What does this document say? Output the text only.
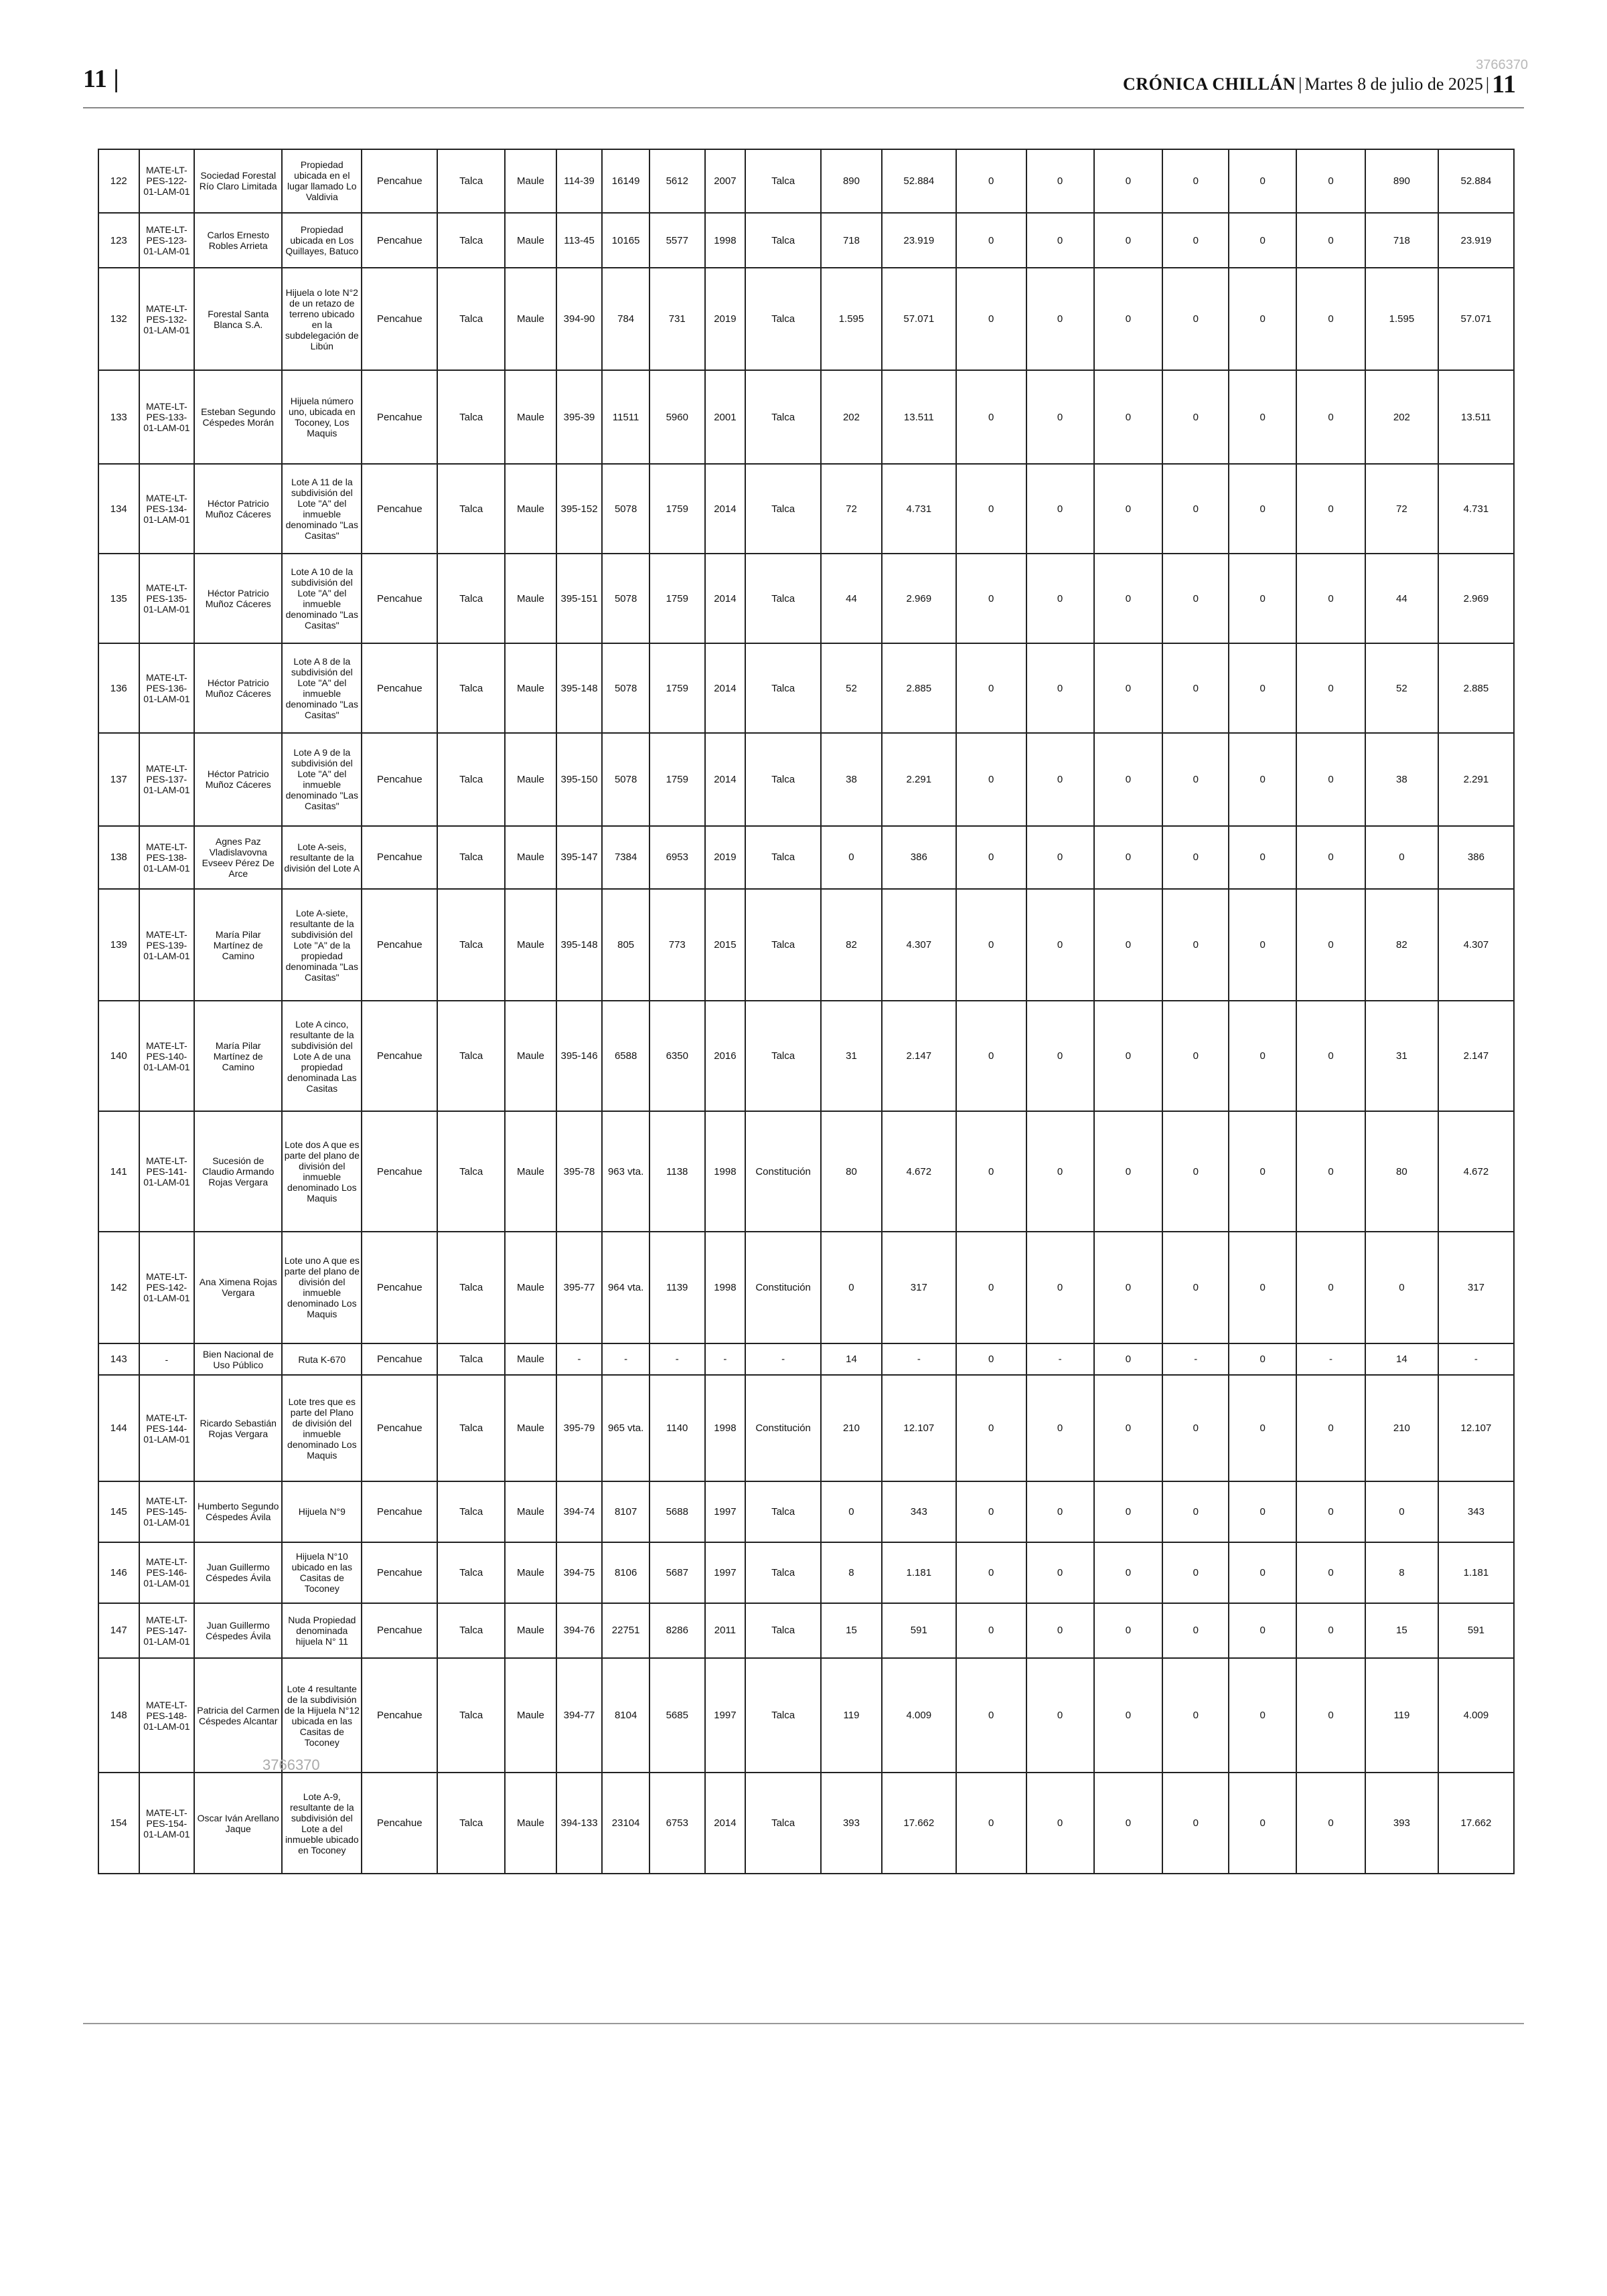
11 |	3766370
CRÓNICA CHILLÁN | Martes 8 de julio de 2025 | 11
122	MATE-LT-PES-122-01-LAM-01	Sociedad Forestal Río Claro Limitada	Propiedad ubicada en el lugar llamado Lo Valdivia	Pencahue	Talca	Maule	114-39	16149	5612	2007	Talca	890	52.884	0	0	0	0	0	0	890	52.884
123	MATE-LT-PES-123-01-LAM-01	Carlos Ernesto Robles Arrieta	Propiedad ubicada en Los Quillayes, Batuco	Pencahue	Talca	Maule	113-45	10165	5577	1998	Talca	718	23.919	0	0	0	0	0	0	718	23.919
132	MATE-LT-PES-132-01-LAM-01	Forestal Santa Blanca S.A.	Hijuela o lote N°2 de un retazo de terreno ubicado en la subdelegación de Libún	Pencahue	Talca	Maule	394-90	784	731	2019	Talca	1.595	57.071	0	0	0	0	0	0	1.595	57.071
133	MATE-LT-PES-133-01-LAM-01	Esteban Segundo Céspedes Morán	Hijuela número uno, ubicada en Toconey, Los Maquis	Pencahue	Talca	Maule	395-39	11511	5960	2001	Talca	202	13.511	0	0	0	0	0	0	202	13.511
134	MATE-LT-PES-134-01-LAM-01	Héctor Patricio Muñoz Cáceres	Lote A 11 de la subdivisión del Lote "A" del inmueble denominado "Las Casitas"	Pencahue	Talca	Maule	395-152	5078	1759	2014	Talca	72	4.731	0	0	0	0	0	0	72	4.731
135	MATE-LT-PES-135-01-LAM-01	Héctor Patricio Muñoz Cáceres	Lote A 10 de la subdivisión del Lote "A" del inmueble denominado "Las Casitas"	Pencahue	Talca	Maule	395-151	5078	1759	2014	Talca	44	2.969	0	0	0	0	0	0	44	2.969
136	MATE-LT-PES-136-01-LAM-01	Héctor Patricio Muñoz Cáceres	Lote A 8 de la subdivisión del Lote "A" del inmueble denominado "Las Casitas"	Pencahue	Talca	Maule	395-148	5078	1759	2014	Talca	52	2.885	0	0	0	0	0	0	52	2.885
137	MATE-LT-PES-137-01-LAM-01	Héctor Patricio Muñoz Cáceres	Lote A 9 de la subdivisión del Lote "A" del inmueble denominado "Las Casitas"	Pencahue	Talca	Maule	395-150	5078	1759	2014	Talca	38	2.291	0	0	0	0	0	0	38	2.291
138	MATE-LT-PES-138-01-LAM-01	Agnes Paz Vladislavovna Evseev Pérez De Arce	Lote A-seis, resultante de la división del Lote A	Pencahue	Talca	Maule	395-147	7384	6953	2019	Talca	0	386	0	0	0	0	0	0	0	386
139	MATE-LT-PES-139-01-LAM-01	María Pilar Martínez de Camino	Lote A-siete, resultante de la subdivisión del Lote "A" de la propiedad denominada "Las Casitas"	Pencahue	Talca	Maule	395-148	805	773	2015	Talca	82	4.307	0	0	0	0	0	0	82	4.307
140	MATE-LT-PES-140-01-LAM-01	María Pilar Martínez de Camino	Lote A cinco, resultante de la subdivisión del Lote A de una propiedad denominada Las Casitas	Pencahue	Talca	Maule	395-146	6588	6350	2016	Talca	31	2.147	0	0	0	0	0	0	31	2.147
141	MATE-LT-PES-141-01-LAM-01	Sucesión de Claudio Armando Rojas Vergara	Lote dos A que es parte del plano de división del inmueble denominado Los Maquis	Pencahue	Talca	Maule	395-78	963 vta.	1138	1998	Constitución	80	4.672	0	0	0	0	0	0	80	4.672
142	MATE-LT-PES-142-01-LAM-01	Ana Ximena Rojas Vergara	Lote uno A que es parte del plano de división del inmueble denominado Los Maquis	Pencahue	Talca	Maule	395-77	964 vta.	1139	1998	Constitución	0	317	0	0	0	0	0	0	0	317
143	-	Bien Nacional de Uso Público	Ruta K-670	Pencahue	Talca	Maule	-	-	-	-	-	14	-	0	-	0	-	0	-	14	-
144	MATE-LT-PES-144-01-LAM-01	Ricardo Sebastián Rojas Vergara	Lote tres que es parte del Plano de división del inmueble denominado Los Maquis	Pencahue	Talca	Maule	395-79	965 vta.	1140	1998	Constitución	210	12.107	0	0	0	0	0	0	210	12.107
145	MATE-LT-PES-145-01-LAM-01	Humberto Segundo Céspedes Ávila	Hijuela N°9	Pencahue	Talca	Maule	394-74	8107	5688	1997	Talca	0	343	0	0	0	0	0	0	0	343
146	MATE-LT-PES-146-01-LAM-01	Juan Guillermo Céspedes Ávila	Hijuela N°10 ubicado en las Casitas de Toconey	Pencahue	Talca	Maule	394-75	8106	5687	1997	Talca	8	1.181	0	0	0	0	0	0	8	1.181
147	MATE-LT-PES-147-01-LAM-01	Juan Guillermo Céspedes Ávila	Nuda Propiedad denominada hijuela N° 11	Pencahue	Talca	Maule	394-76	22751	8286	2011	Talca	15	591	0	0	0	0	0	0	15	591
148	MATE-LT-PES-148-01-LAM-01	Patricia del Carmen Céspedes Alcantar	Lote 4 resultante de la subdivisión de la Hijuela N°12 ubicada en las Casitas de Toconey	Pencahue	Talca	Maule	394-77	8104	5685	1997	Talca	119	4.009	0	0	0	0	0	0	119	4.009
154	MATE-LT-PES-154-01-LAM-01	Oscar Iván Arellano Jaque	Lote A-9, resultante de la subdivisión del Lote a del inmueble ubicado en Toconey	Pencahue	Talca	Maule	394-133	23104	6753	2014	Talca	393	17.662	0	0	0	0	0	0	393	17.662
3766370
